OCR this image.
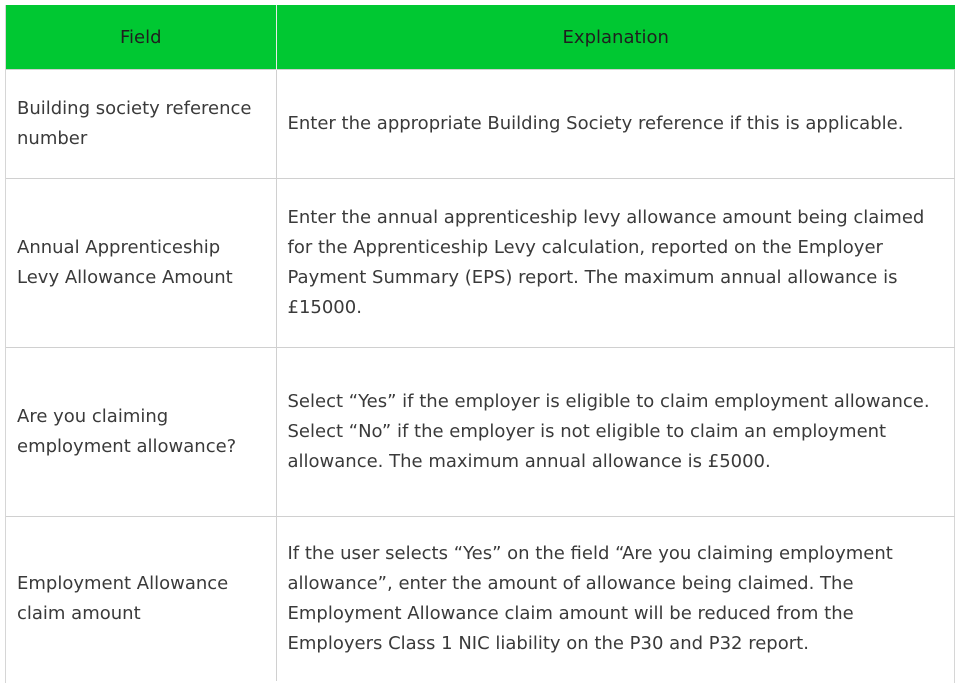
Field	Explanation
Building society reference number	Enter the appropriate Building Society reference if this is applicable.
Annual Apprenticeship Levy Allowance Amount	Enter the annual apprenticeship levy allowance amount being claimed for the Apprenticeship Levy calculation, reported on the Employer Payment Summary (EPS) report. The maximum annual allowance is £15000.
Are you claiming employment allowance?	Select “Yes” if the employer is eligible to claim employment allowance. Select “No” if the employer is not eligible to claim an employment allowance. The maximum annual allowance is £5000.
Employment Allowance claim amount	If the user selects “Yes” on the field “Are you claiming employment allowance”, enter the amount of allowance being claimed. The Employment Allowance claim amount will be reduced from the Employers Class 1 NIC liability on the P30 and P32 report.
